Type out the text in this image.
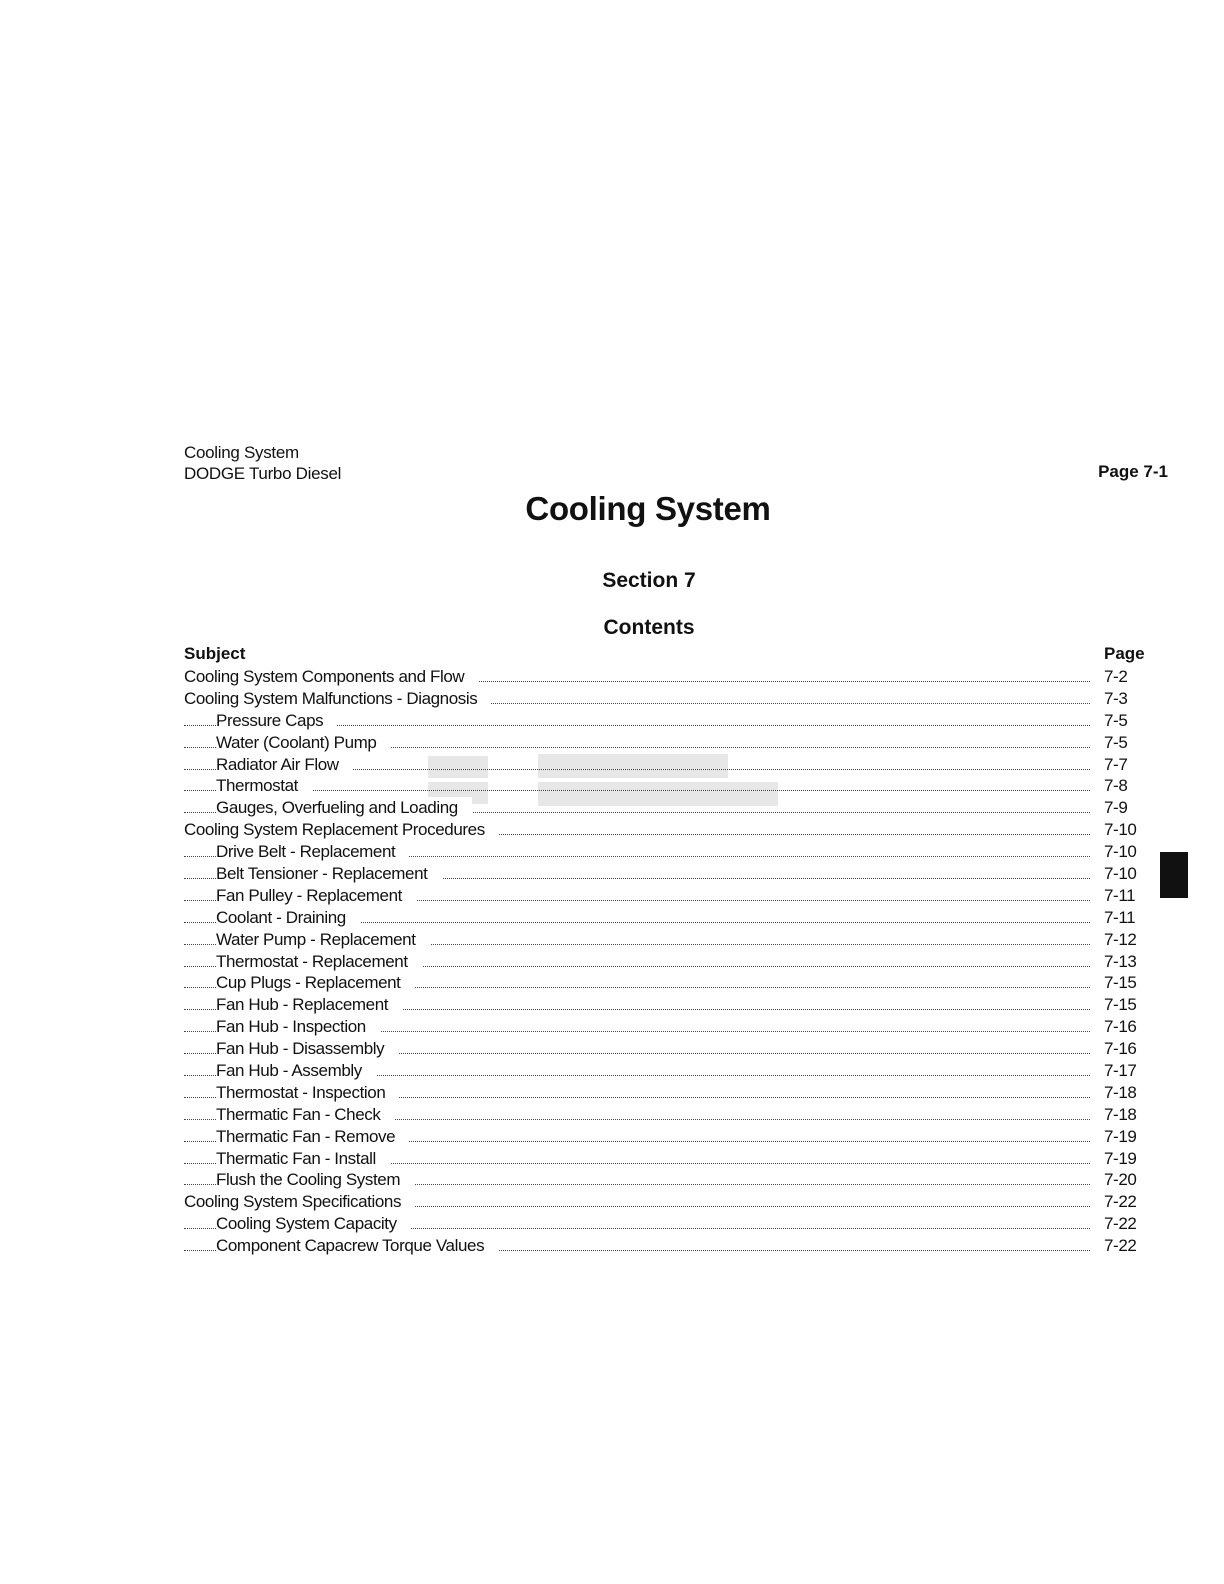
Cooling System
DODGE Turbo Diesel	Page 7-1
Cooling System
Section 7
Contents
Subject	Page
Cooling System Components and Flow	7-2
Cooling System Malfunctions - Diagnosis	7-3
Pressure Caps	7-5
Water (Coolant) Pump	7-5
Radiator Air Flow	7-7
Thermostat	7-8
Gauges, Overfueling and Loading	7-9
Cooling System Replacement Procedures	7-10
Drive Belt - Replacement	7-10
Belt Tensioner - Replacement	7-10
Fan Pulley - Replacement	7-11
Coolant - Draining	7-11
Water Pump - Replacement	7-12
Thermostat - Replacement	7-13
Cup Plugs - Replacement	7-15
Fan Hub - Replacement	7-15
Fan Hub - Inspection	7-16
Fan Hub - Disassembly	7-16
Fan Hub - Assembly	7-17
Thermostat - Inspection	7-18
Thermatic Fan - Check	7-18
Thermatic Fan - Remove	7-19
Thermatic Fan - Install	7-19
Flush the Cooling System	7-20
Cooling System Specifications	7-22
Cooling System Capacity	7-22
Component Capacrew Torque Values	7-22
